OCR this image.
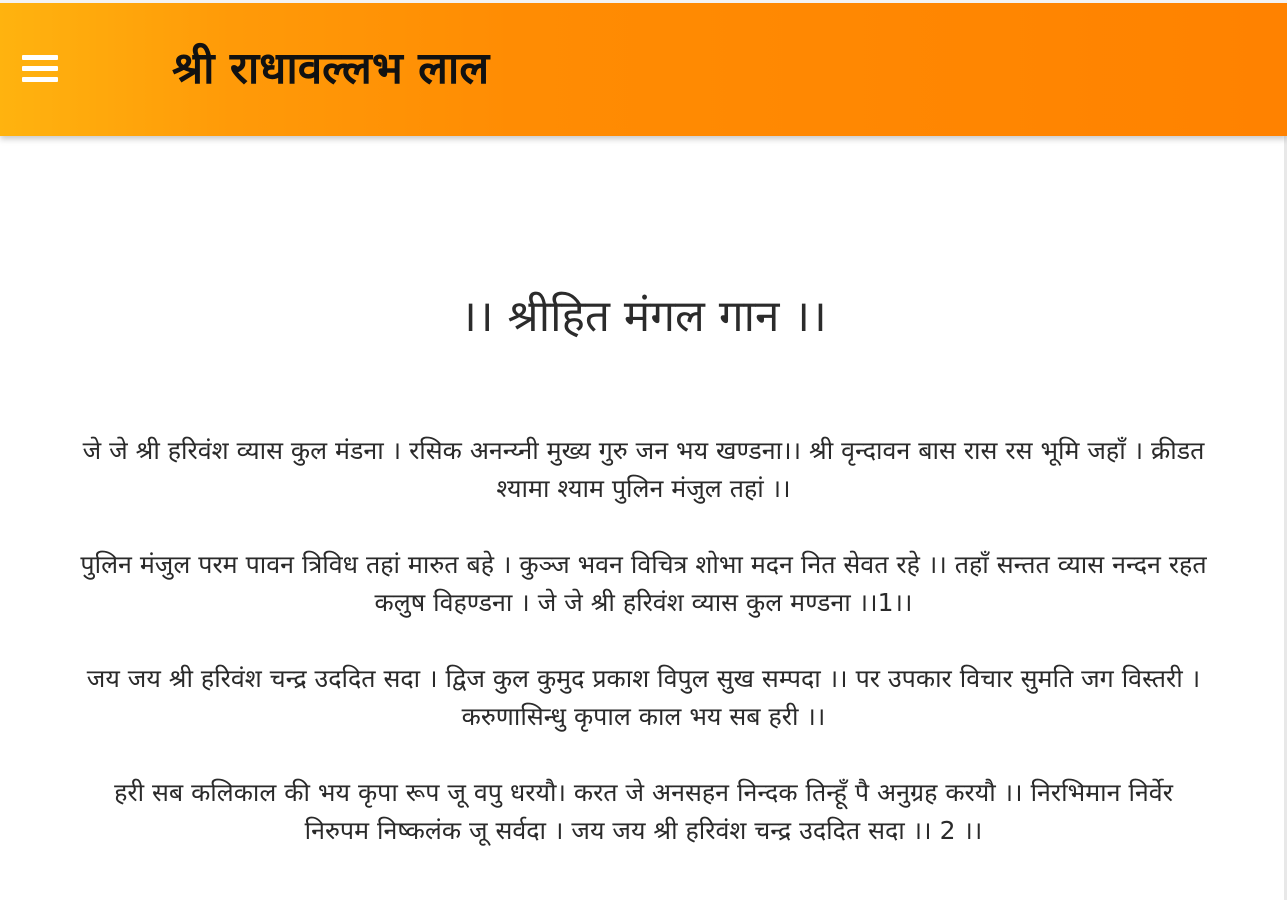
श्री राधावल्लभ लाल
।। श्रीहित मंगल गान ।।

जे जे श्री हरिवंश व्यास कुल मंडना । रसिक अनन्य्नी मुख्य गुरु जन भय खण्डना।। श्री वृन्दावन बास रास रस भूमि जहाँ । क्रीडत श्यामा श्याम पुलिन मंजुल तहां ।।

पुलिन मंजुल परम पावन त्रिविध तहां मारुत बहे । कुञ्ज भवन विचित्र शोभा मदन नित सेवत रहे ।। तहाँ सन्तत व्यास नन्दन रहत कलुष विहण्डना । जे जे श्री हरिवंश व्यास कुल मण्डना ।।1।।

जय जय श्री हरिवंश चन्द्र उददित सदा । द्विज कुल कुमुद प्रकाश विपुल सुख सम्पदा ।। पर उपकार विचार सुमति जग विस्तरी । करुणासिन्धु कृपाल काल भय सब हरी ।।

हरी सब कलिकाल की भय कृपा रूप जू वपु धरयौ। करत जे अनसहन निन्दक तिन्हूँ पै अनुग्रह करयौ ।। निरभिमान निर्वेर निरुपम निष्कलंक जू सर्वदा । जय जय श्री हरिवंश चन्द्र उददित सदा ।। 2 ।।
